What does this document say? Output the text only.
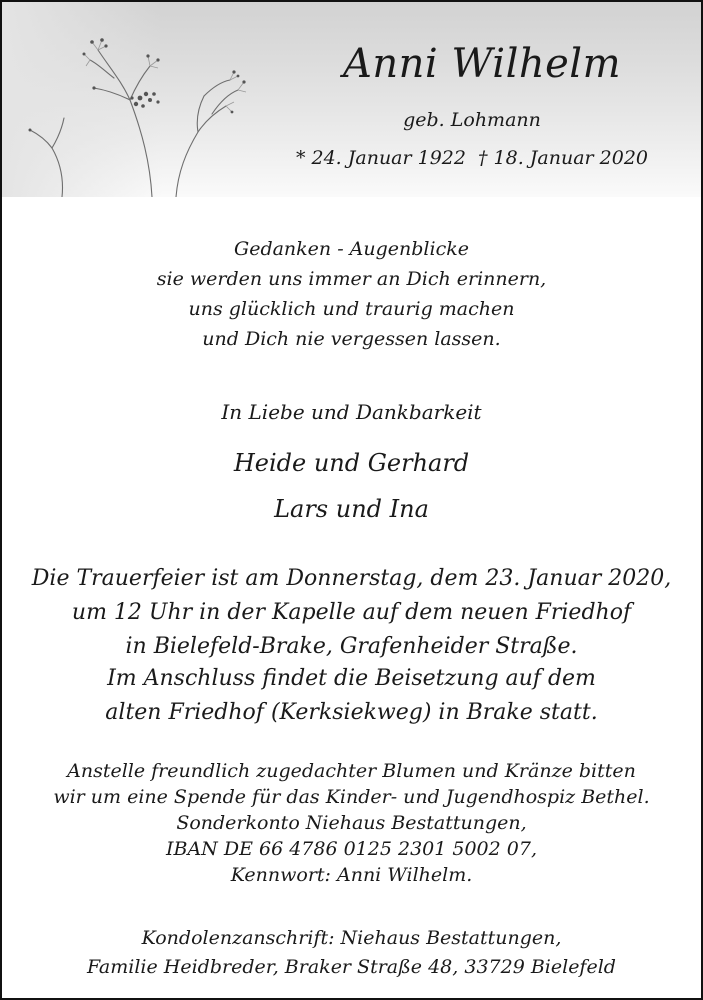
Anni Wilhelm
geb. Lohmann
* 24. Januar 1922 † 18. Januar 2020
Gedanken - Augenblicke
sie werden uns immer an Dich erinnern,
uns glücklich und traurig machen
und Dich nie vergessen lassen.
In Liebe und Dankbarkeit
Heide und Gerhard
Lars und Ina
Die Trauerfeier ist am Donnerstag, dem 23. Januar 2020,
um 12 Uhr in der Kapelle auf dem neuen Friedhof
in Bielefeld-Brake, Grafenheider Straße.
Im Anschluss findet die Beisetzung auf dem
alten Friedhof (Kerksiekweg) in Brake statt.
Anstelle freundlich zugedachter Blumen und Kränze bitten
wir um eine Spende für das Kinder- und Jugendhospiz Bethel.
Sonderkonto Niehaus Bestattungen,
IBAN DE 66 4786 0125 2301 5002 07,
Kennwort: Anni Wilhelm.
Kondolenzanschrift: Niehaus Bestattungen,
Familie Heidbreder, Braker Straße 48, 33729 Bielefeld
